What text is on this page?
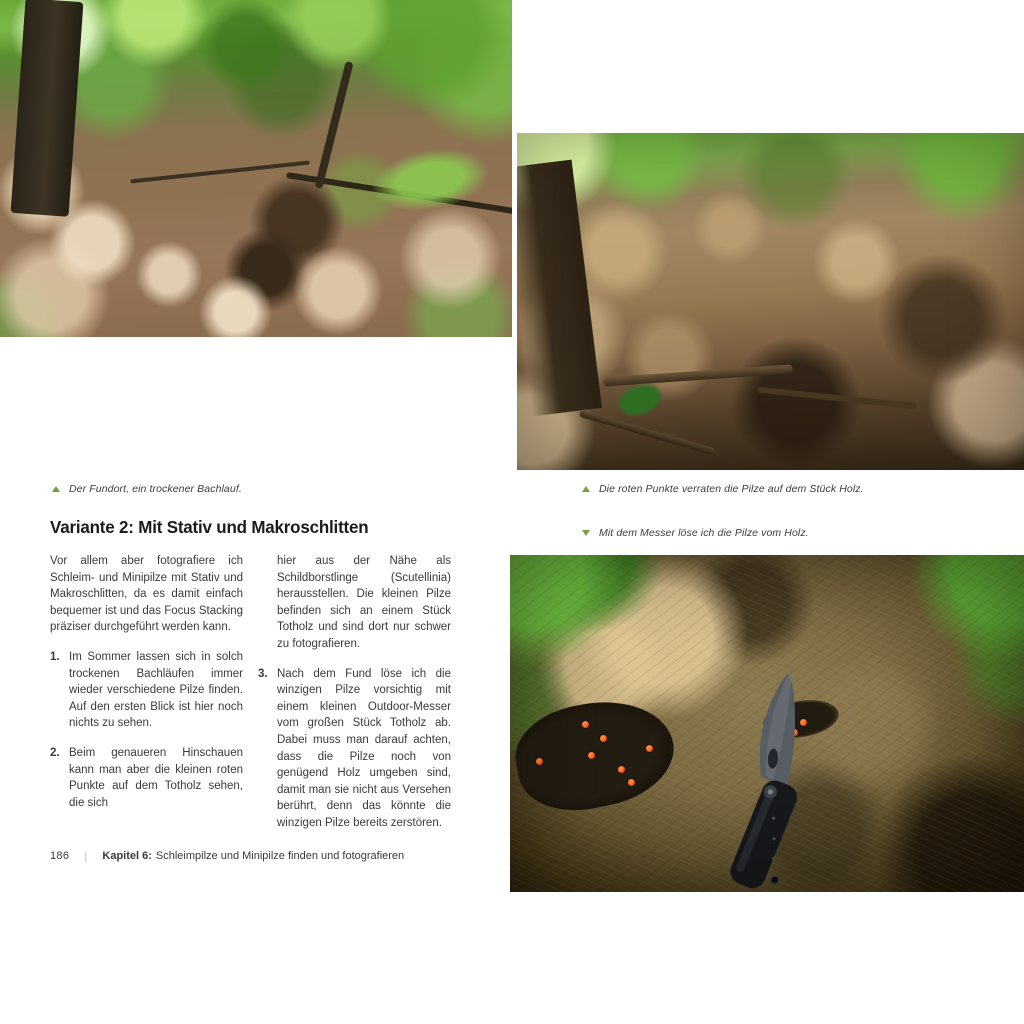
Der Fundort, ein trockener Bachlauf.	Die roten Punkte verraten die Pilze auf dem Stück Holz.
Mit dem Messer löse ich die Pilze vom Holz.
Variante 2: Mit Stativ und Makroschlitten

Vor allem aber fotografiere ich Schleim- und Minipilze mit Stativ und Makroschlitten, da es damit einfach bequemer ist und das Focus Stacking präziser durchgeführt werden kann.

1. Im Sommer lassen sich in solch trockenen Bachläufen immer wieder verschiedene Pilze finden. Auf den ersten Blick ist hier noch nichts zu sehen.
2. Beim genaueren Hinschauen kann man aber die kleinen roten Punkte auf dem Totholz sehen, die sich

hier aus der Nähe als Schildborstlinge (Scutellinia) herausstellen. Die kleinen Pilze befinden sich an einem Stück Totholz und sind dort nur schwer zu fotografieren.

3. Nach dem Fund löse ich die winzigen Pilze vorsichtig mit einem kleinen Outdoor-Messer vom großen Stück Totholz ab. Dabei muss man darauf achten, dass die Pilze noch von genügend Holz umgeben sind, damit man sie nicht aus Versehen berührt, denn das könnte die winzigen Pilze bereits zerstören.
186 | Kapitel 6: Schleimpilze und Minipilze finden und fotografieren
